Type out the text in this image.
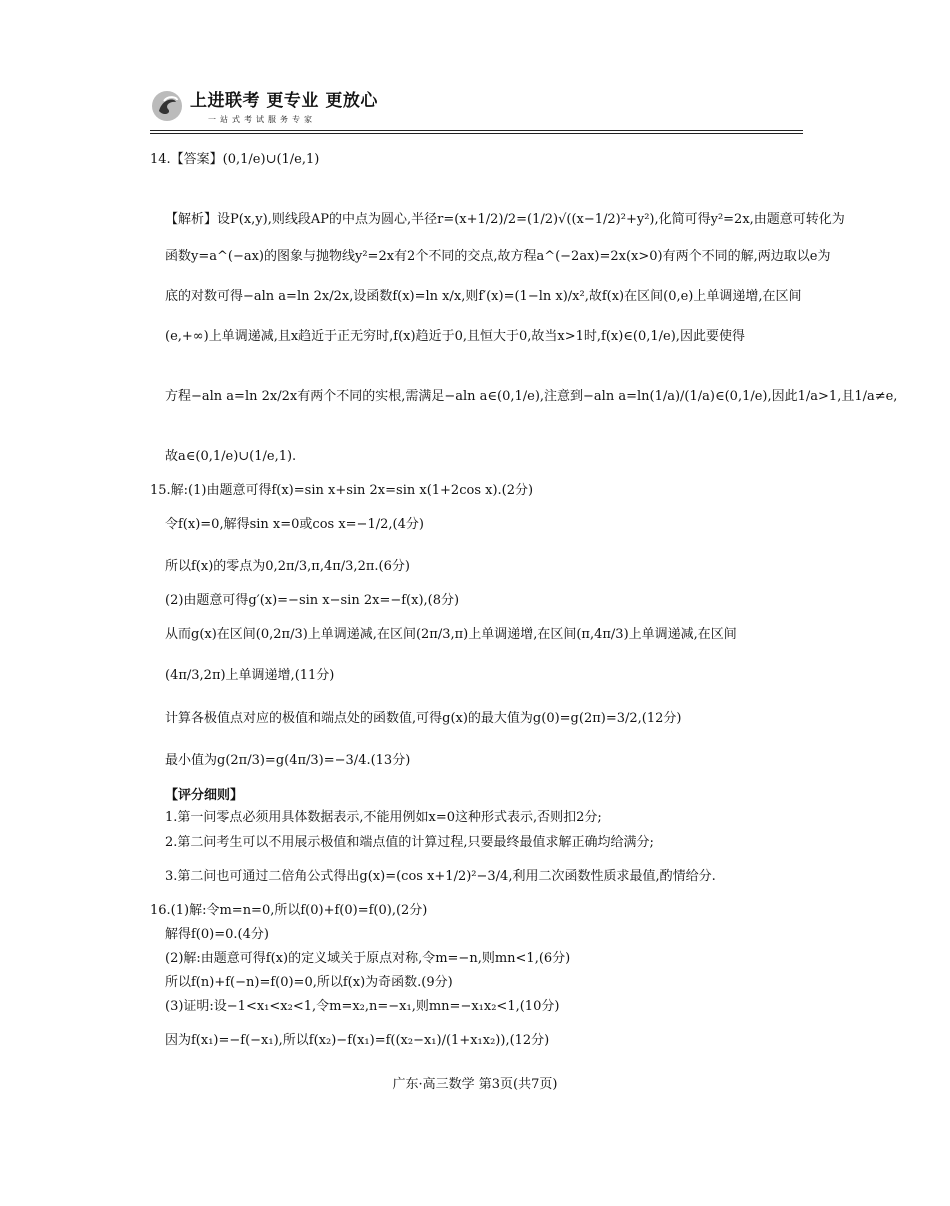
上进联考 更专业 更放心
一站式考试服务专家
14.【答案】(0,1/e)∪(1/e,1)
【解析】设P(x,y),则线段AP的中点为圆心,半径r=(x+1/2)/2=(1/2)√((x−1/2)²+y²),化简可得y²=2x,由题意可转化为
函数y=a^(−ax)的图象与抛物线y²=2x有2个不同的交点,故方程a^(−2ax)=2x(x>0)有两个不同的解,两边取以e为
底的对数可得−aln a=ln 2x/2x,设函数f(x)=ln x/x,则f′(x)=(1−ln x)/x²,故f(x)在区间(0,e)上单调递增,在区间
(e,+∞)上单调递减,且x趋近于正无穷时,f(x)趋近于0,且恒大于0,故当x>1时,f(x)∈(0,1/e),因此要使得
方程−aln a=ln 2x/2x有两个不同的实根,需满足−aln a∈(0,1/e),注意到−aln a=ln(1/a)/(1/a)∈(0,1/e),因此1/a>1,且1/a≠e,
故a∈(0,1/e)∪(1/e,1).
15.解:(1)由题意可得f(x)=sin x+sin 2x=sin x(1+2cos x).(2分)
令f(x)=0,解得sin x=0或cos x=−1/2,(4分)
所以f(x)的零点为0,2π/3,π,4π/3,2π.(6分)
(2)由题意可得g′(x)=−sin x−sin 2x=−f(x),(8分)
从而g(x)在区间(0,2π/3)上单调递减,在区间(2π/3,π)上单调递增,在区间(π,4π/3)上单调递减,在区间
(4π/3,2π)上单调递增,(11分)
计算各极值点对应的极值和端点处的函数值,可得g(x)的最大值为g(0)=g(2π)=3/2,(12分)
最小值为g(2π/3)=g(4π/3)=−3/4.(13分)
【评分细则】
1.第一问零点必须用具体数据表示,不能用例如x=0这种形式表示,否则扣2分;
2.第二问考生可以不用展示极值和端点值的计算过程,只要最终最值求解正确均给满分;
3.第二问也可通过二倍角公式得出g(x)=(cos x+1/2)²−3/4,利用二次函数性质求最值,酌情给分.
16.(1)解:令m=n=0,所以f(0)+f(0)=f(0),(2分)
解得f(0)=0.(4分)
(2)解:由题意可得f(x)的定义域关于原点对称,令m=−n,则mn<1,(6分)
所以f(n)+f(−n)=f(0)=0,所以f(x)为奇函数.(9分)
(3)证明:设−1<x₁<x₂<1,令m=x₂,n=−x₁,则mn=−x₁x₂<1,(10分)
因为f(x₁)=−f(−x₁),所以f(x₂)−f(x₁)=f((x₂−x₁)/(1+x₁x₂)),(12分)
广东·高三数学 第3页(共7页)
